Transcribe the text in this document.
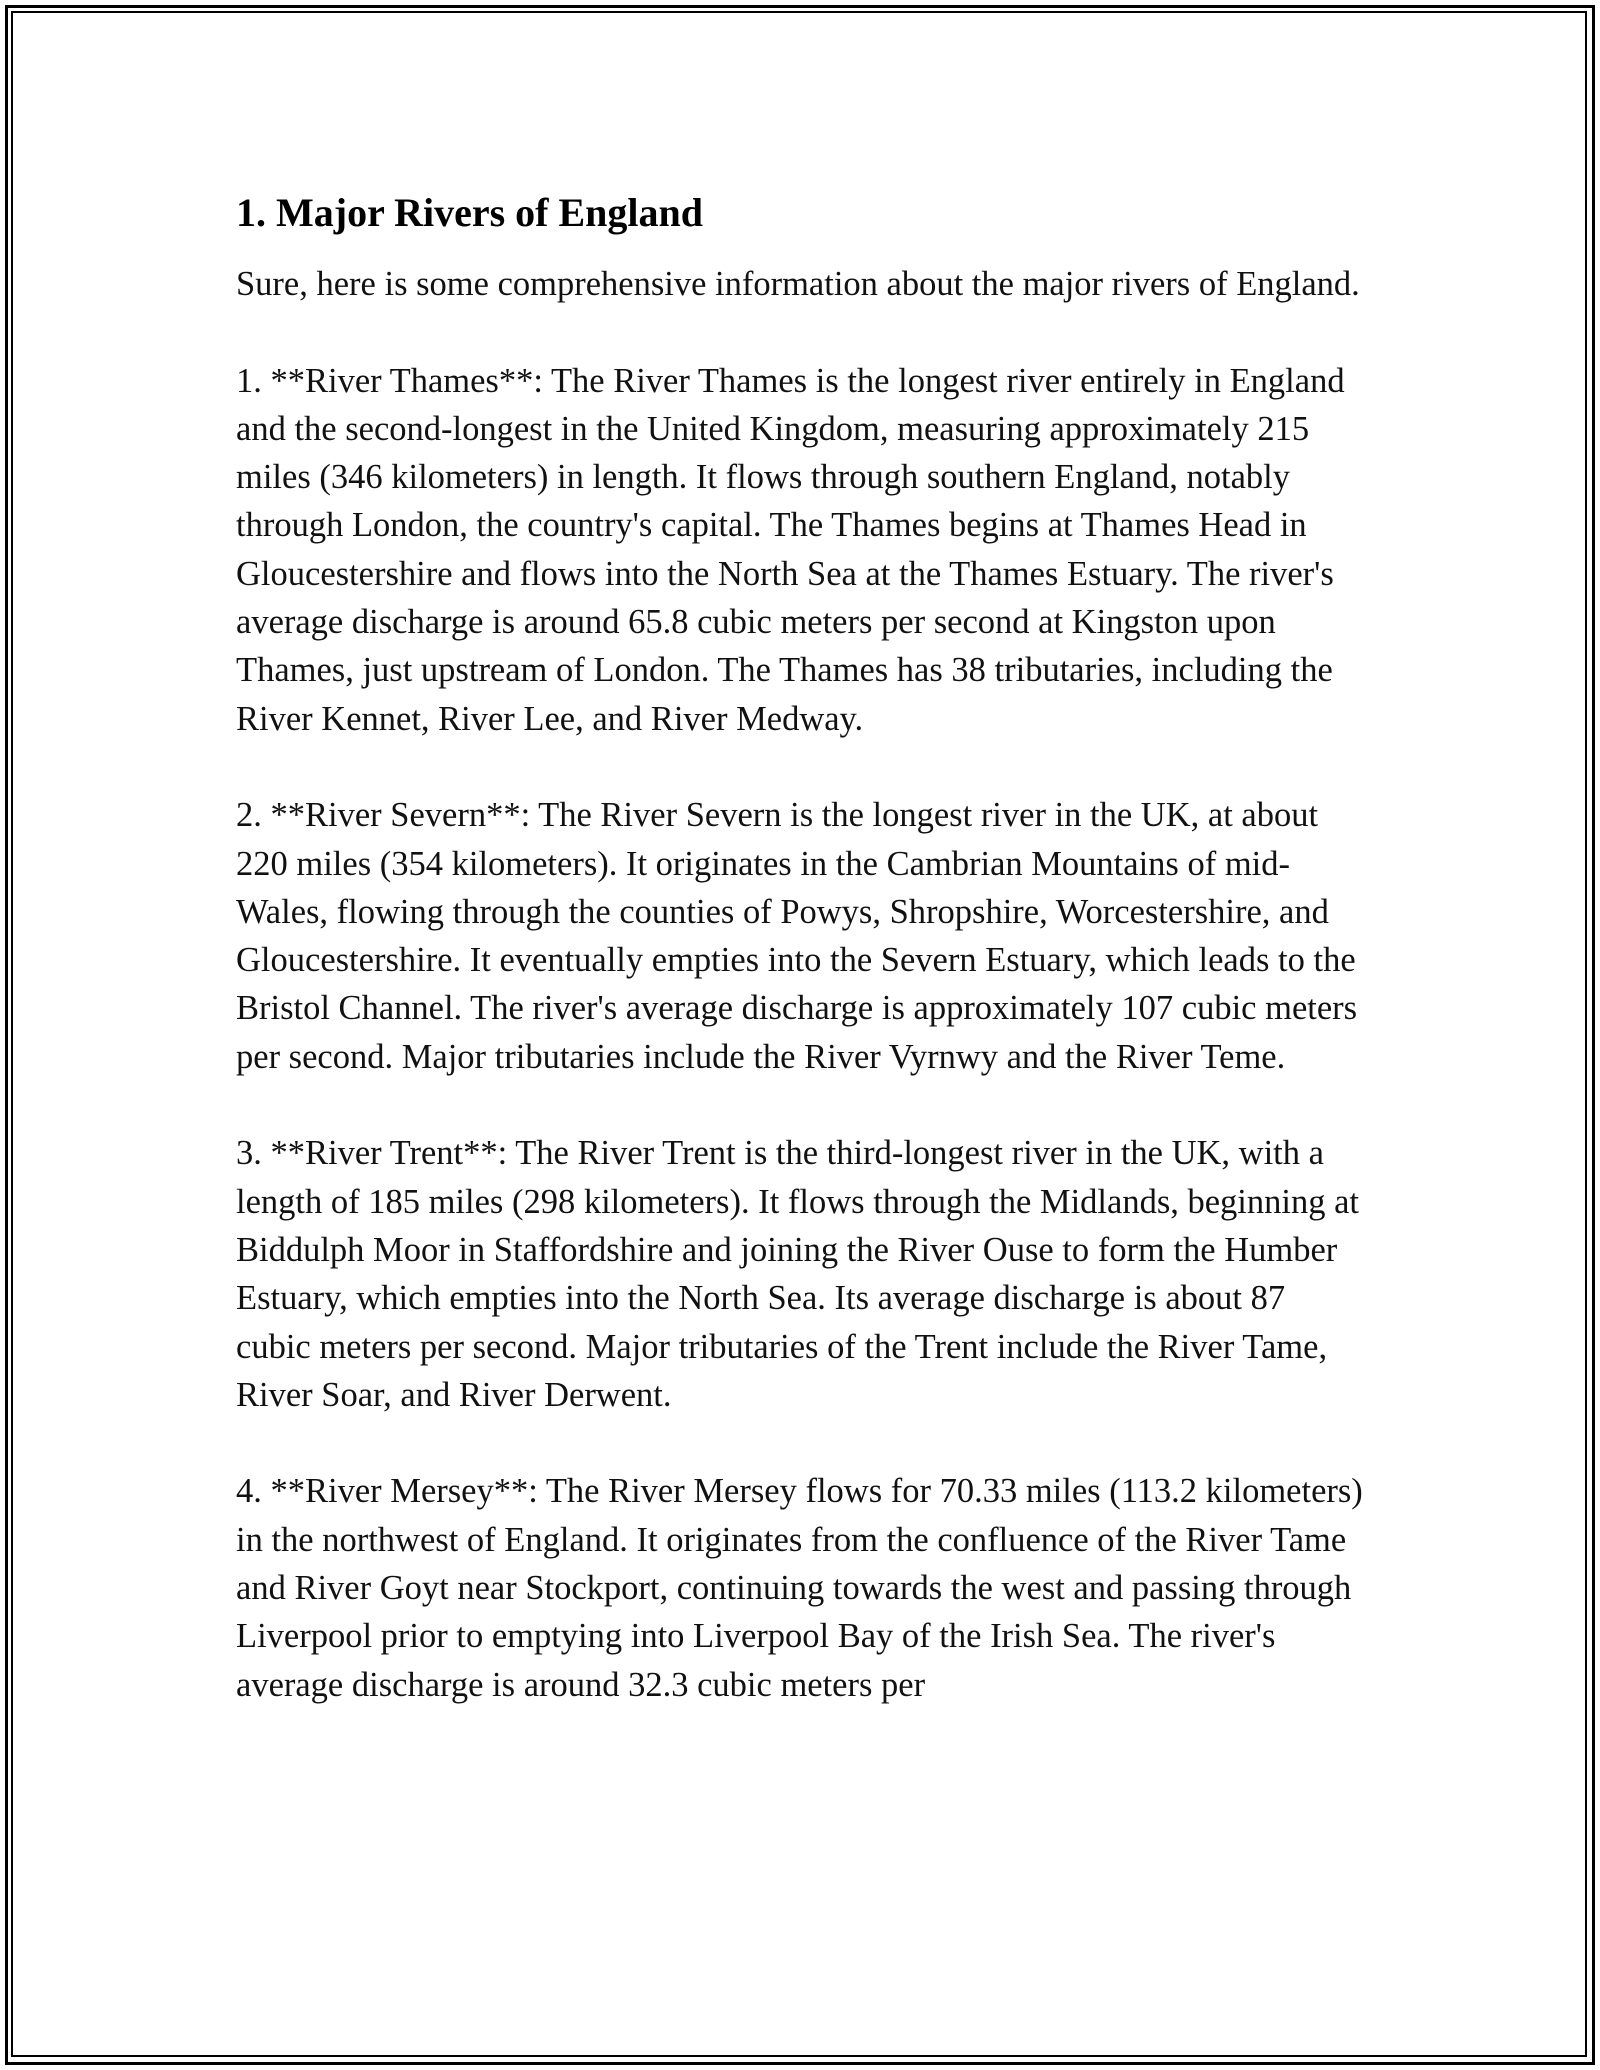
1. Major Rivers of England

Sure, here is some comprehensive information about the major rivers of England.

1. **River Thames**: The River Thames is the longest river entirely in England and the second-longest in the United Kingdom, measuring approximately 215 miles (346 kilometers) in length. It flows through southern England, notably through London, the country's capital. The Thames begins at Thames Head in Gloucestershire and flows into the North Sea at the Thames Estuary. The river's average discharge is around 65.8 cubic meters per second at Kingston upon Thames, just upstream of London. The Thames has 38 tributaries, including the River Kennet, River Lee, and River Medway.

2. **River Severn**: The River Severn is the longest river in the UK, at about 220 miles (354 kilometers). It originates in the Cambrian Mountains of mid-Wales, flowing through the counties of Powys, Shropshire, Worcestershire, and Gloucestershire. It eventually empties into the Severn Estuary, which leads to the Bristol Channel. The river's average discharge is approximately 107 cubic meters per second. Major tributaries include the River Vyrnwy and the River Teme.

3. **River Trent**: The River Trent is the third-longest river in the UK, with a length of 185 miles (298 kilometers). It flows through the Midlands, beginning at Biddulph Moor in Staffordshire and joining the River Ouse to form the Humber Estuary, which empties into the North Sea. Its average discharge is about 87 cubic meters per second. Major tributaries of the Trent include the River Tame, River Soar, and River Derwent.

4. **River Mersey**: The River Mersey flows for 70.33 miles (113.2 kilometers) in the northwest of England. It originates from the confluence of the River Tame and River Goyt near Stockport, continuing towards the west and passing through Liverpool prior to emptying into Liverpool Bay of the Irish Sea. The river's average discharge is around 32.3 cubic meters per
